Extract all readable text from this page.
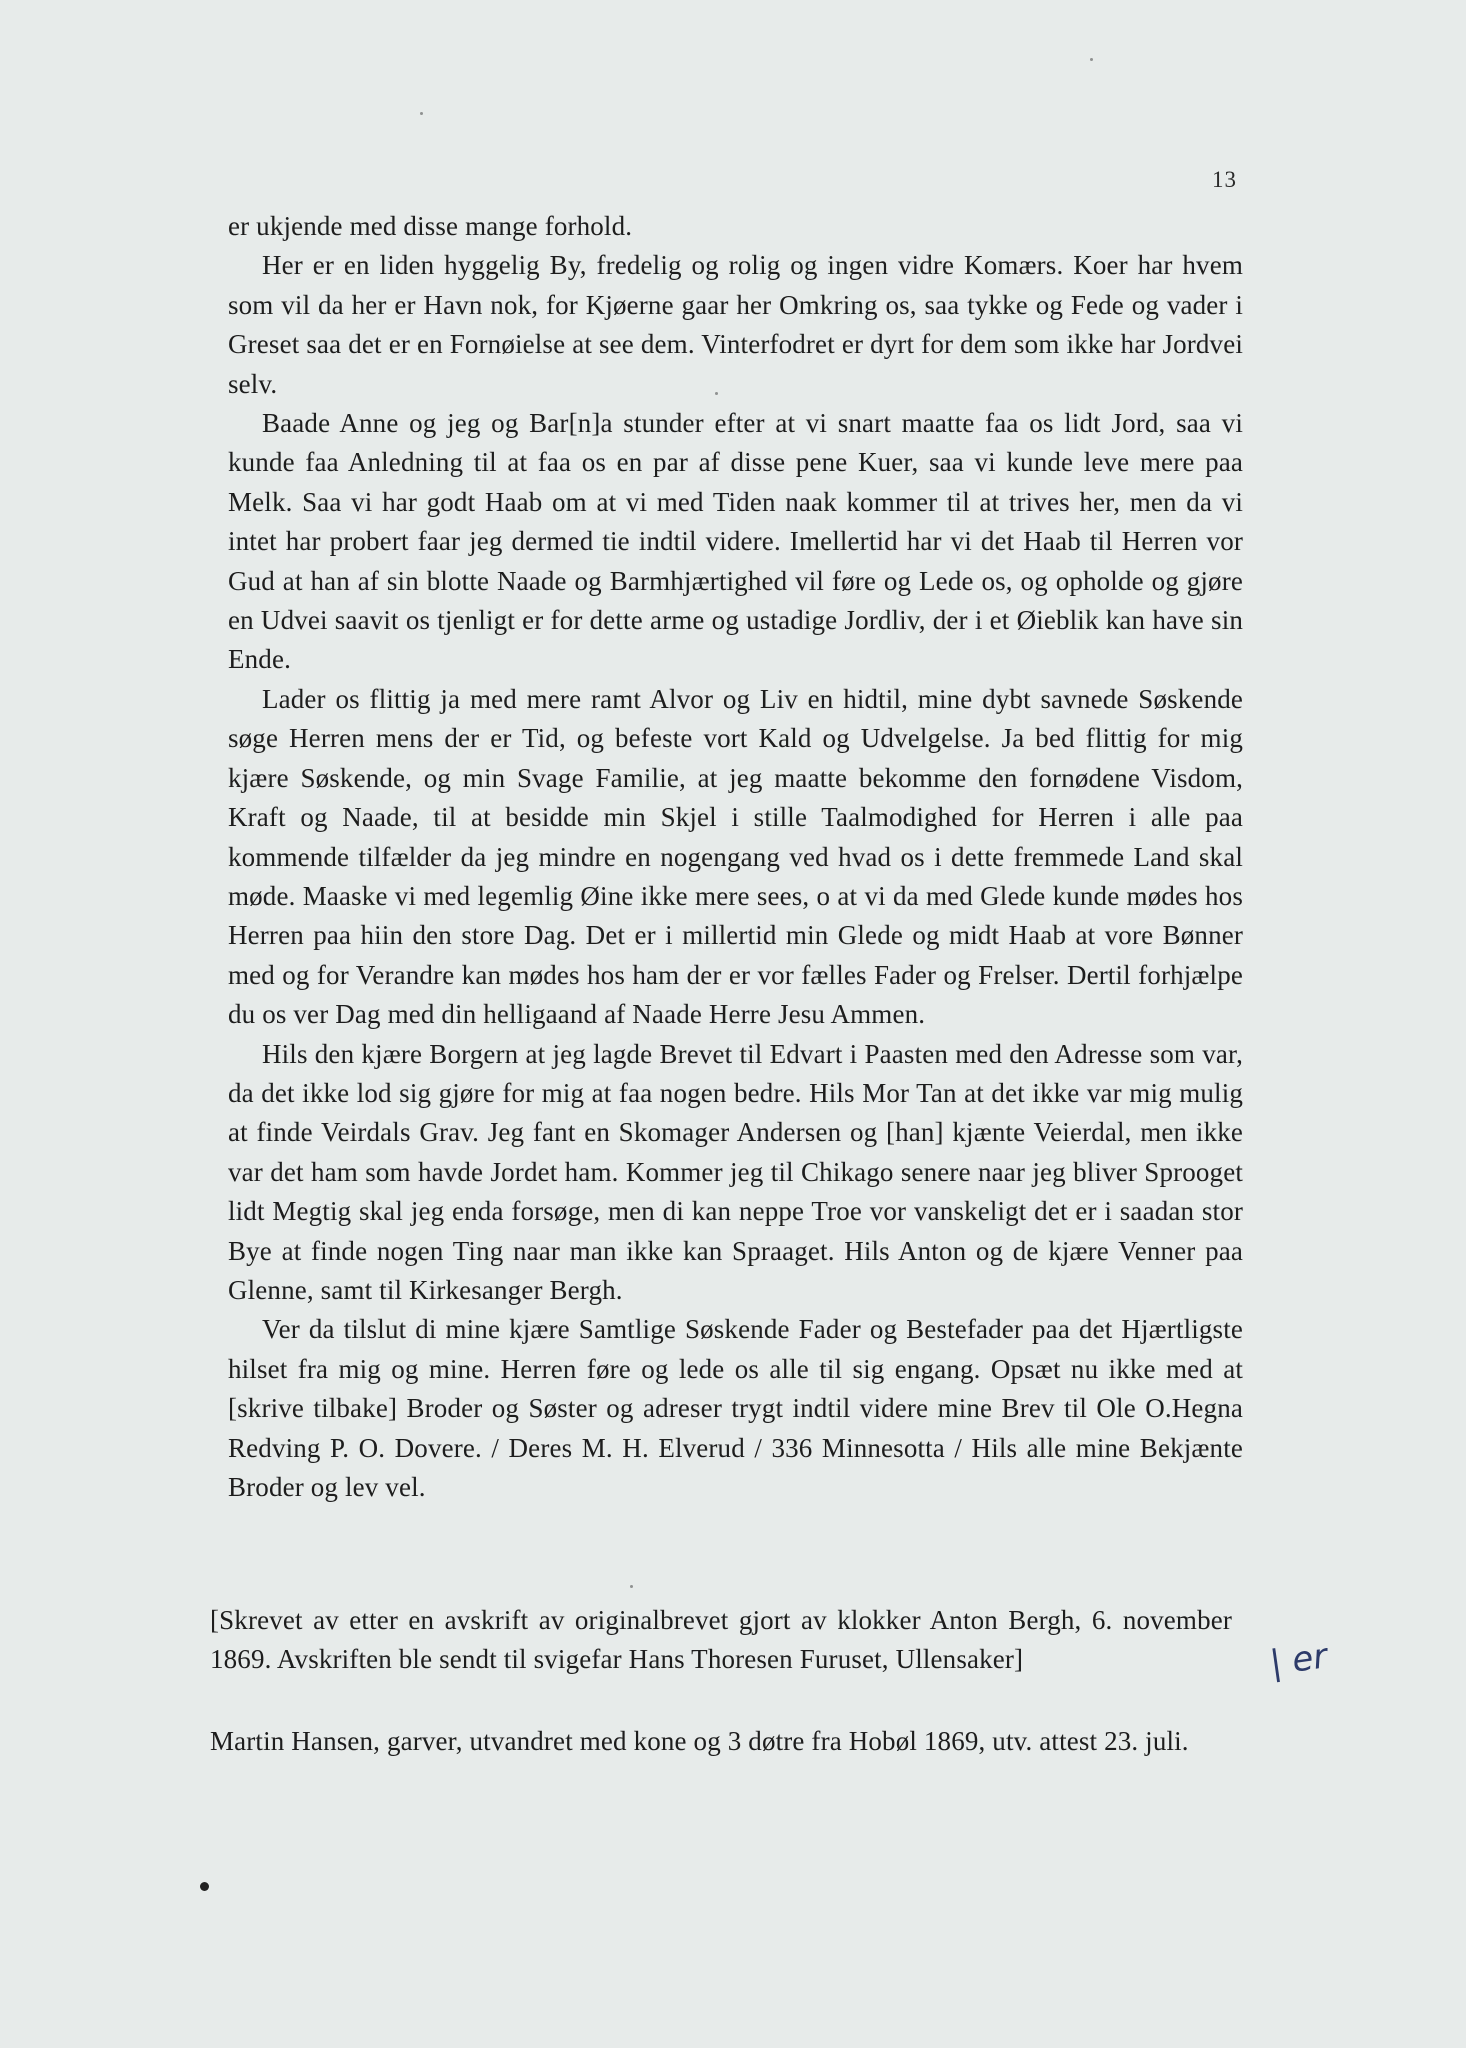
13

er ukjende med disse mange forhold.

Her er en liden hyggelig By, fredelig og rolig og ingen vidre Komærs. Koer har hvem som vil da her er Havn nok, for Kjøerne gaar her Omkring os, saa tykke og Fede og vader i Greset saa det er en Fornøielse at see dem. Vinterfodret er dyrt for dem som ikke har Jordvei selv.

Baade Anne og jeg og Bar[n]a stunder efter at vi snart maatte faa os lidt Jord, saa vi kunde faa Anledning til at faa os en par af disse pene Kuer, saa vi kunde leve mere paa Melk. Saa vi har godt Haab om at vi med Tiden naak kommer til at trives her, men da vi intet har probert faar jeg dermed tie indtil videre. Imellertid har vi det Haab til Herren vor Gud at han af sin blotte Naade og Barmhjærtighed vil føre og Lede os, og opholde og gjøre en Udvei saavit os tjenligt er for dette arme og ustadige Jordliv, der i et Øieblik kan have sin Ende.

Lader os flittig ja med mere ramt Alvor og Liv en hidtil, mine dybt savnede Søskende søge Herren mens der er Tid, og befeste vort Kald og Udvelgelse. Ja bed flittig for mig kjære Søskende, og min Svage Familie, at jeg maatte bekomme den fornødene Visdom, Kraft og Naade, til at besidde min Skjel i stille Taalmodighed for Herren i alle paa kommende tilfælder da jeg mindre en nogengang ved hvad os i dette fremmede Land skal møde. Maaske vi med legemlig Øine ikke mere sees, o at vi da med Glede kunde mødes hos Herren paa hiin den store Dag. Det er i millertid min Glede og midt Haab at vore Bønner med og for Verandre kan mødes hos ham der er vor fælles Fader og Frelser. Dertil forhjælpe du os ver Dag med din helligaand af Naade Herre Jesu Ammen.

Hils den kjære Borgern at jeg lagde Brevet til Edvart i Paasten med den Adresse som var, da det ikke lod sig gjøre for mig at faa nogen bedre. Hils Mor Tan at det ikke var mig mulig at finde Veirdals Grav. Jeg fant en Skomager Andersen og [han] kjænte Veierdal, men ikke var det ham som havde Jordet ham. Kommer jeg til Chikago senere naar jeg bliver Sprooget lidt Megtig skal jeg enda forsøge, men di kan neppe Troe vor vanskeligt det er i saadan stor Bye at finde nogen Ting naar man ikke kan Spraaget. Hils Anton og de kjære Venner paa Glenne, samt til Kirkesanger Bergh.

Ver da tilslut di mine kjære Samtlige Søskende Fader og Bestefader paa det Hjærtligste hilset fra mig og mine. Herren føre og lede os alle til sig engang. Opsæt nu ikke med at [skrive tilbake] Broder og Søster og adreser trygt indtil videre mine Brev til Ole O.Hegna Redving P. O. Dovere. / Deres M. H. Elverud / 336 Minnesotta / Hils alle mine Bekjænte Broder og lev vel.

[Skrevet av etter en avskrift av originalbrevet gjort av klokker Anton Bergh, 6. november 1869. Avskriften ble sendt til svigefar Hans Thoresen Furuset, Ullensaker]	| er

Martin Hansen, garver, utvandret med kone og 3 døtre fra Hobøl 1869, utv. attest 23. juli.
